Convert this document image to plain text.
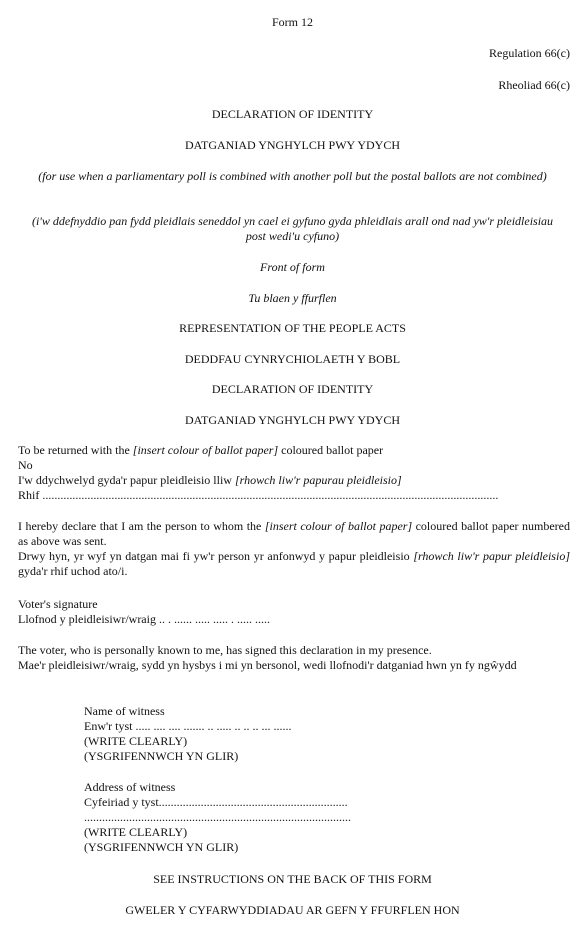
Form 12
Regulation 66(c)
Rheoliad 66(c)
DECLARATION OF IDENTITY
DATGANIAD YNGHYLCH PWY YDYCH
(for use when a parliamentary poll is combined with another poll but the postal ballots are not combined)
(i'w ddefnyddio pan fydd pleidlais seneddol yn cael ei gyfuno gyda phleidlais arall ond nad yw'r pleidleisiau post wedi'u cyfuno)
Front of form
Tu blaen y ffurflen
REPRESENTATION OF THE PEOPLE ACTS
DEDDFAU CYNRYCHIOLAETH Y BOBL
DECLARATION OF IDENTITY
DATGANIAD YNGHYLCH PWY YDYCH
To be returned with the [insert colour of ballot paper] coloured ballot paper
No
I'w ddychwelyd gyda'r papur pleidleisio lliw [rhowch liw'r papurau pleidleisio]
Rhif ........................................................................................................................................................
I hereby declare that I am the person to whom the [insert colour of ballot paper] coloured ballot paper numbered as above was sent.
Drwy hyn, yr wyf yn datgan mai fi yw'r person yr anfonwyd y papur pleidleisio [rhowch liw'r papur pleidleisio] gyda'r rhif uchod ato/i.
Voter's signature
Llofnod y pleidleisiwr/wraig .. . ...... ..... ..... . ..... .....
The voter, who is personally known to me, has signed this declaration in my presence.
Mae'r pleidleisiwr/wraig, sydd yn hysbys i mi yn bersonol, wedi llofnodi'r datganiad hwn yn fy ngŵydd
Name of witness
Enw'r tyst ..... .... .... ....... .. ..... .. .. .. ... ......
(WRITE CLEARLY)
(YSGRIFENNWCH YN GLIR)
Address of witness
Cyfeiriad y tyst...............................................................
.........................................................................................
(WRITE CLEARLY)
(YSGRIFENNWCH YN GLIR)
SEE INSTRUCTIONS ON THE BACK OF THIS FORM
GWELER Y CYFARWYDDIADAU AR GEFN Y FFURFLEN HON
